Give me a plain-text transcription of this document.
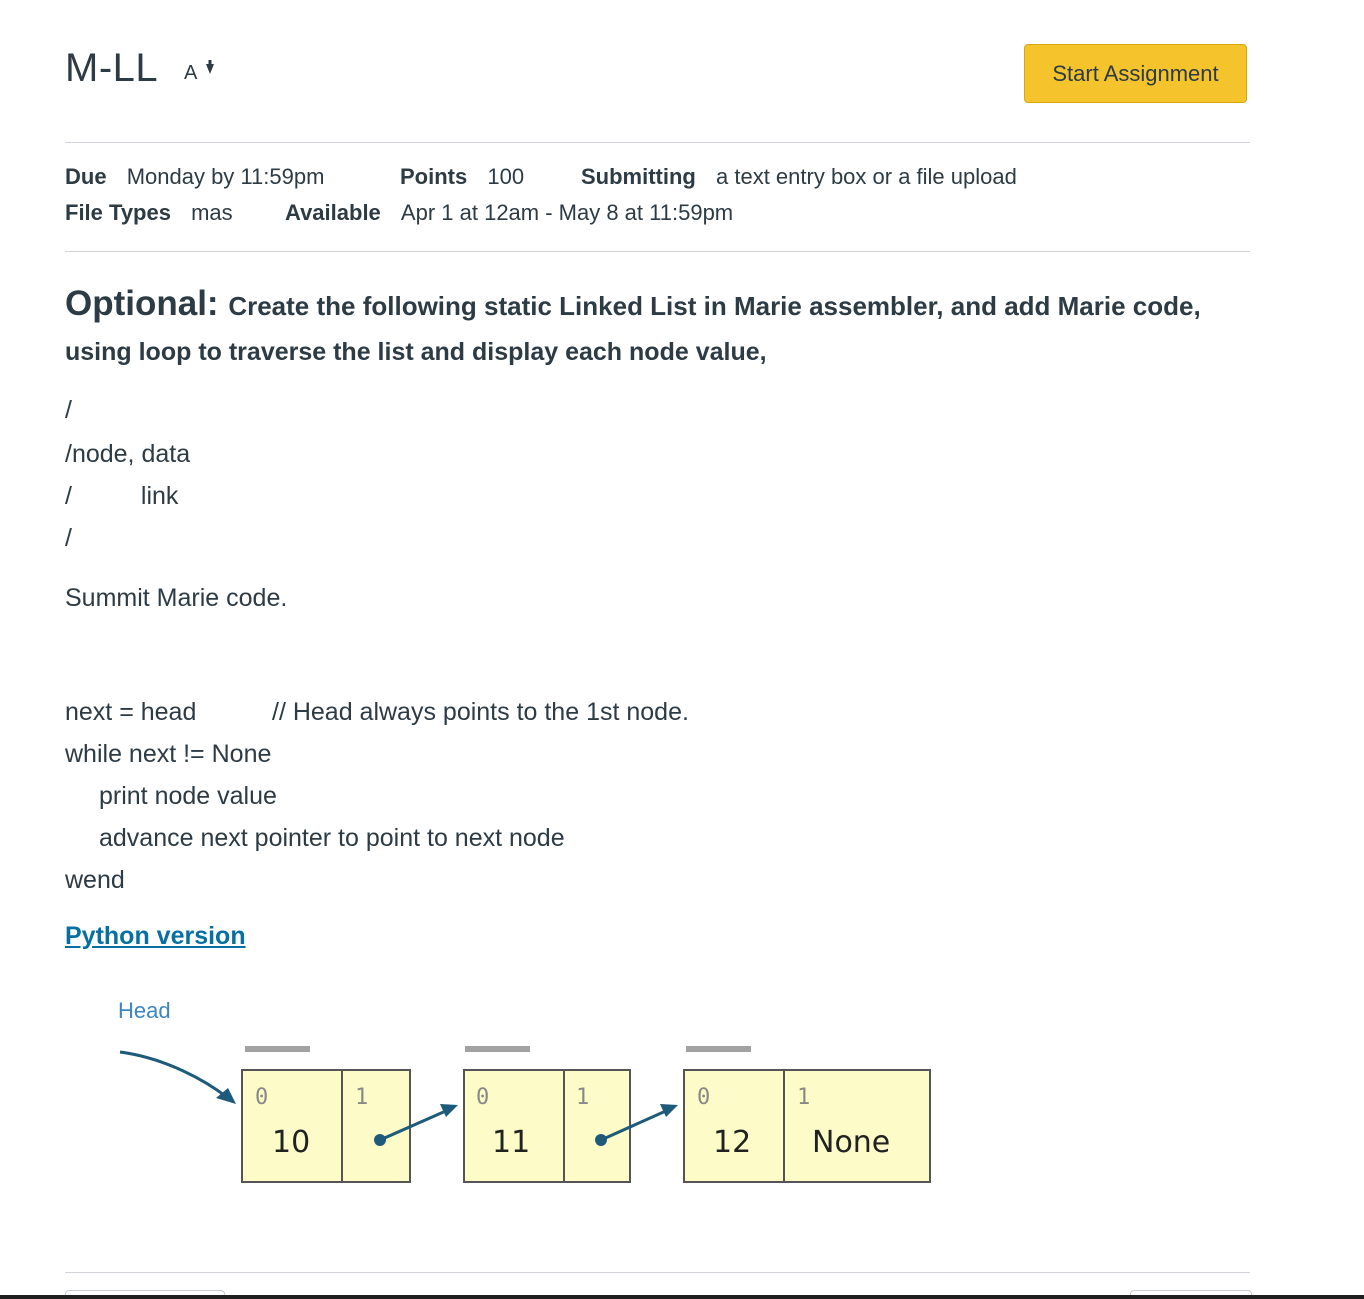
M-LL A	Start Assignment
Due Monday by 11:59pm	Points 100	Submitting a text entry box or a file upload
File Types mas Available Apr 1 at 12am - May 8 at 11:59pm
Optional: Create the following static Linked List in Marie assembler, and add Marie code,
using loop to traverse the list and display each node value,
/
/node, data
/	link
/
Summit Marie code.
next = head	// Head always points to the 1st node.
while next != None
print node value
advance next pointer to point to next node
wend
Python version
Head
0	1
10
0	1
11
0	1
12 None
